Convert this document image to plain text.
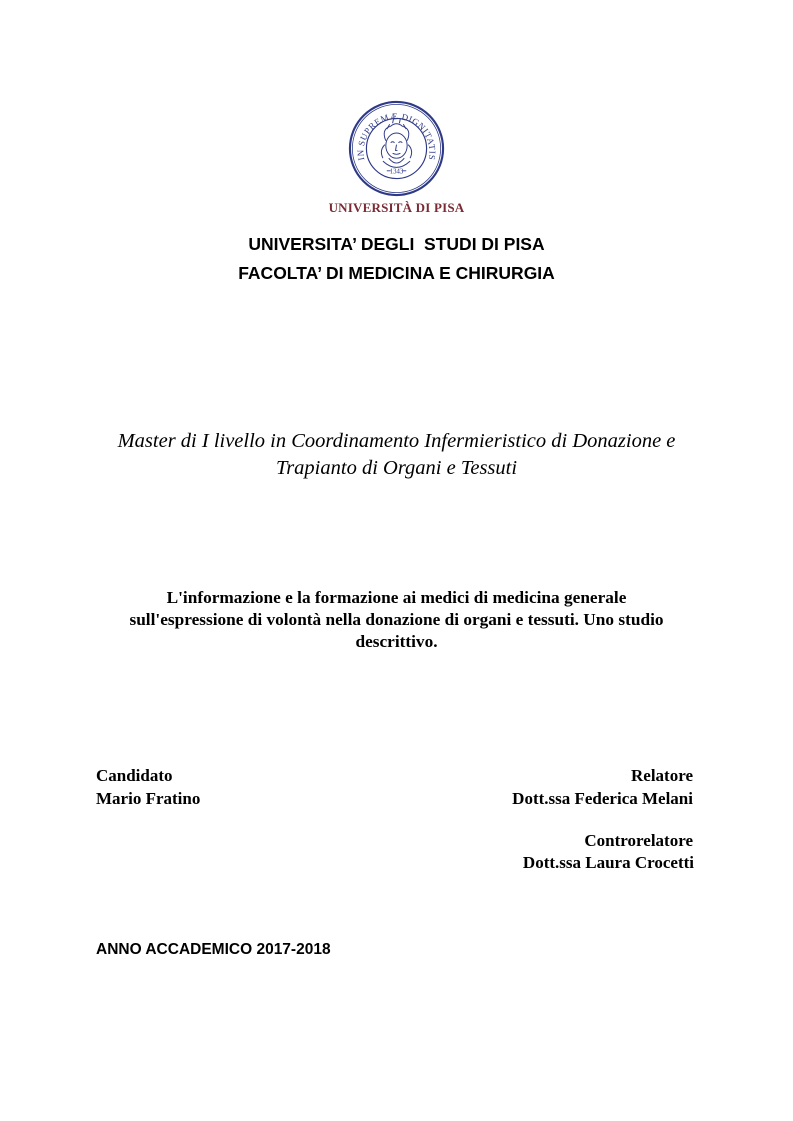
IN SUPREMÆ DIGNITATIS
1343
UNIVERSITÀ DI PISA

UNIVERSITA’ DEGLI  STUDI DI PISA

FACOLTA’ DI MEDICINA E CHIRURGIA

Master di I livello in Coordinamento Infermieristico di Donazione e

Trapianto di Organi e Tessuti

L'informazione e la formazione ai medici di medicina generale

sull'espressione di volontà nella donazione di organi e tessuti. Uno studio

descrittivo.

Candidato

Mario Fratino

Relatore

Dott.ssa Federica Melani

Controrelatore

Dott.ssa Laura Crocetti

ANNO ACCADEMICO 2017-2018
